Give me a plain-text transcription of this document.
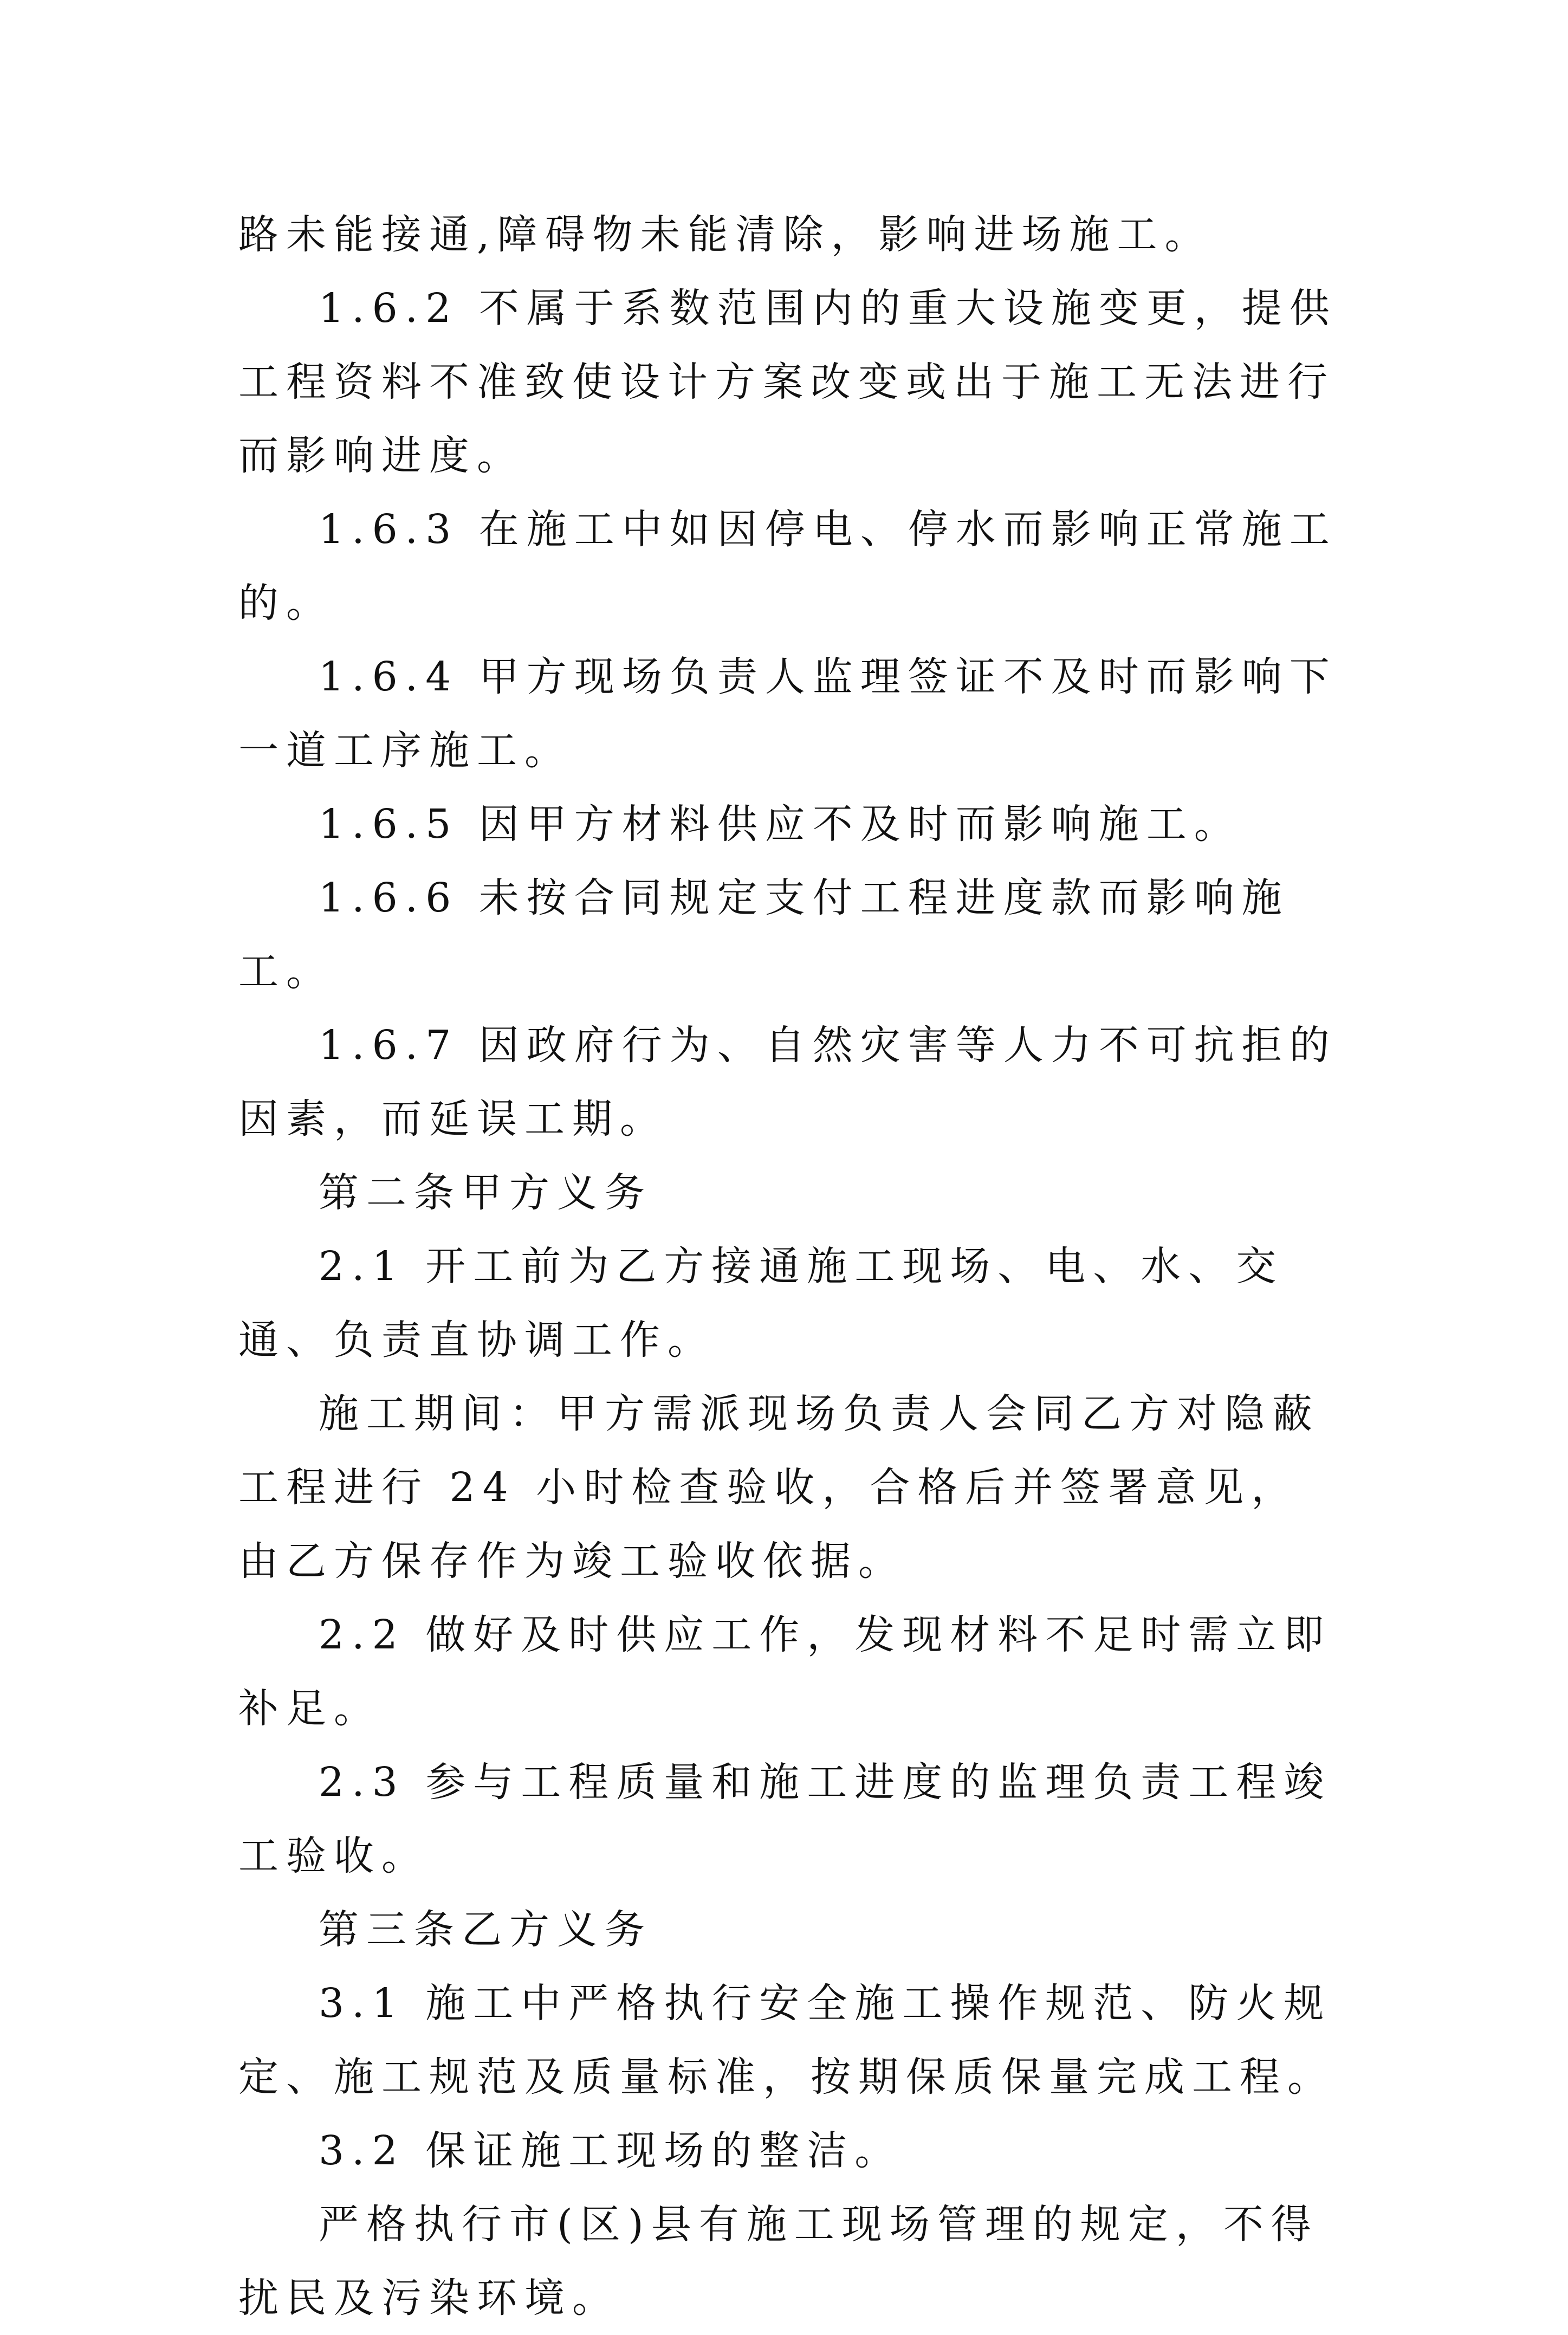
路未能接通,障碍物未能清除，影响进场施工。

1.6.2 不属于系数范围内的重大设施变更，提供工程资料不准致使设计方案改变或出于施工无法进行而影响进度。

1.6.3 在施工中如因停电、停水而影响正常施工的。

1.6.4 甲方现场负责人监理签证不及时而影响下一道工序施工。

1.6.5 因甲方材料供应不及时而影响施工。

1.6.6 未按合同规定支付工程进度款而影响施工。

1.6.7 因政府行为、自然灾害等人力不可抗拒的因素，而延误工期。

第二条甲方义务

2.1 开工前为乙方接通施工现场、电、水、交通、负责直协调工作。

施工期间：甲方需派现场负责人会同乙方对隐蔽工程进行 24 小时检查验收，合格后并签署意见，由乙方保存作为竣工验收依据。

2.2 做好及时供应工作，发现材料不足时需立即补足。

2.3 参与工程质量和施工进度的监理负责工程竣工验收。

第三条乙方义务

3.1 施工中严格执行安全施工操作规范、防火规定、施工规范及质量标准，按期保质保量完成工程。

3.2 保证施工现场的整洁。

严格执行市(区)县有施工现场管理的规定，不得扰民及污染环境。
